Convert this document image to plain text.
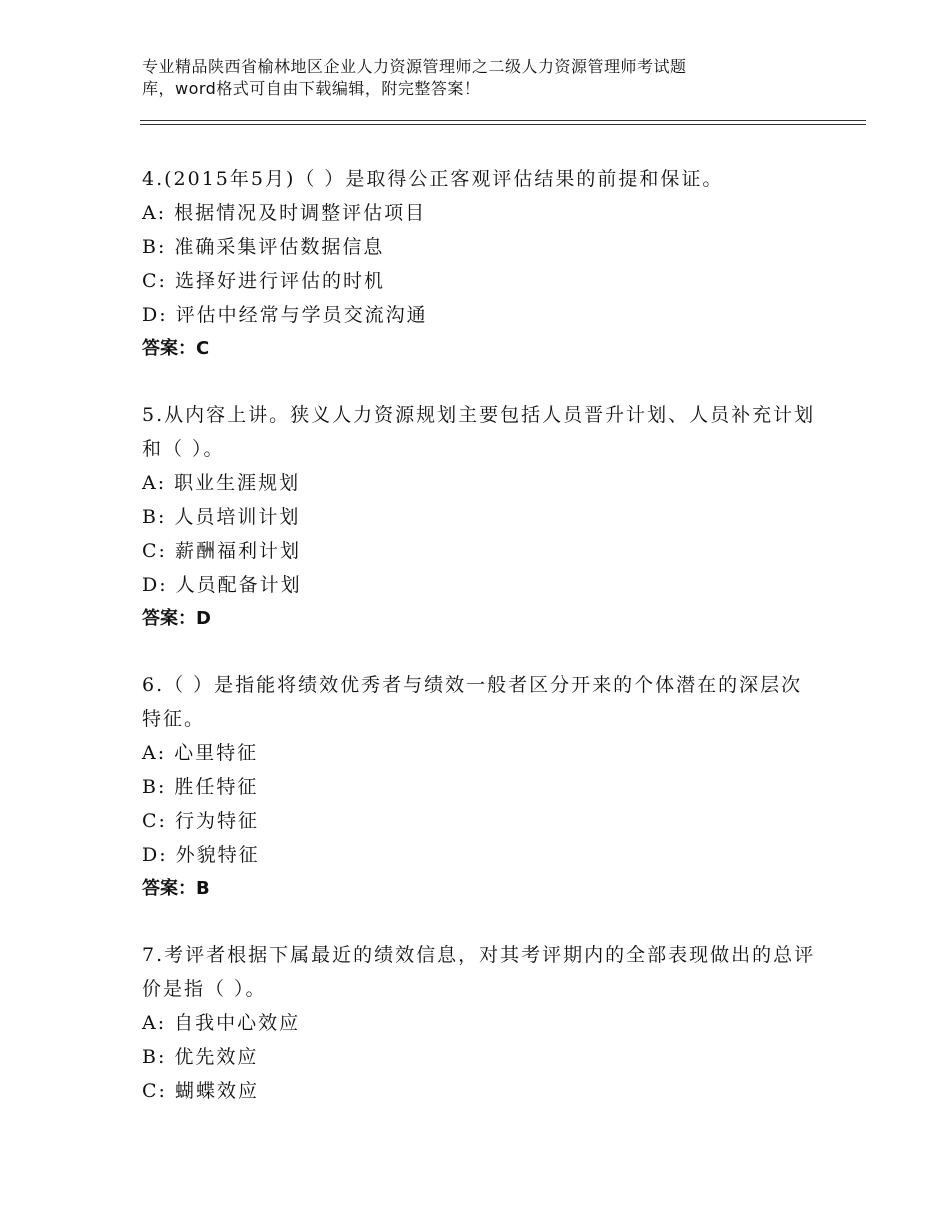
专业精品陕西省榆林地区企业人力资源管理师之二级人力资源管理师考试题
库，word格式可自由下载编辑，附完整答案！
4.(2015年5月)（ ）是取得公正客观评估结果的前提和保证。
A: 根据情况及时调整评估项目
B: 准确采集评估数据信息
C: 选择好进行评估的时机
D: 评估中经常与学员交流沟通
答案：C
5.从内容上讲。狭义人力资源规划主要包括人员晋升计划、人员补充计划和（ ）。
A: 职业生涯规划
B: 人员培训计划
C: 薪酬福利计划
D: 人员配备计划
答案：D
6.（ ）是指能将绩效优秀者与绩效一般者区分开来的个体潜在的深层次特征。
A: 心里特征
B: 胜任特征
C: 行为特征
D: 外貌特征
答案：B
7.考评者根据下属最近的绩效信息，对其考评期内的全部表现做出的总评价是指（ ）。
A: 自我中心效应
B: 优先效应
C: 蝴蝶效应
